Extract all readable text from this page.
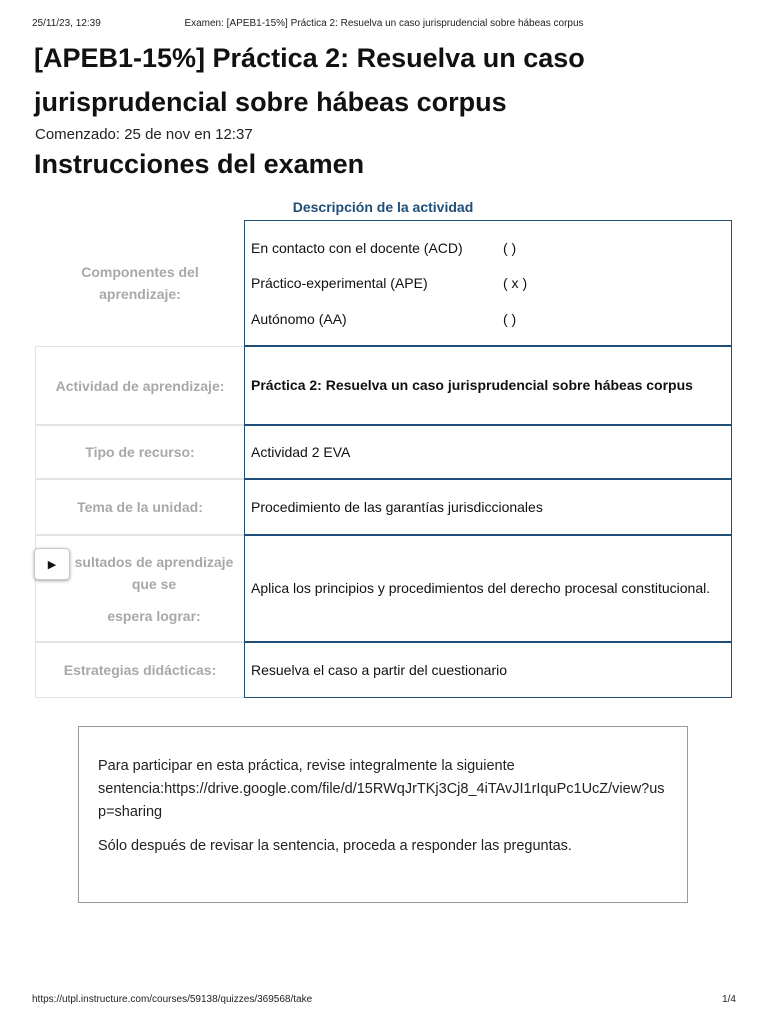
25/11/23, 12:39	Examen: [APEB1-15%] Práctica 2: Resuelva un caso jurisprudencial sobre hábeas corpus
[APEB1-15%] Práctica 2: Resuelva un caso jurisprudencial sobre hábeas corpus
Comenzado: 25 de nov en 12:37
Instrucciones del examen
Descripción de la actividad
Componentes del aprendizaje:
En contacto con el docente (ACD)	( )
Práctico-experimental (APE)	( x )
Autónomo (AA)	( )
Actividad de aprendizaje: Práctica 2: Resuelva un caso jurisprudencial sobre hábeas corpus
Tipo de recurso:	Actividad 2 EVA
Tema de la unidad:	Procedimiento de las garantías jurisdiccionales
sultados de aprendizaje
que se
espera lograr:
Aplica los principios y procedimientos del derecho procesal constitucional.
Estrategias didácticas: Resuelva el caso a partir del cuestionario
▶

Para participar en esta práctica, revise integralmente la siguiente
sentencia:https://drive.google.com/file/d/15RWqJrTKj3Cj8_4iTAvJI1rIquPc1UcZ/view?usp=sharing

Sólo después de revisar la sentencia, proceda a responder las preguntas.

https://utpl.instructure.com/courses/59138/quizzes/369568/take	1/4
